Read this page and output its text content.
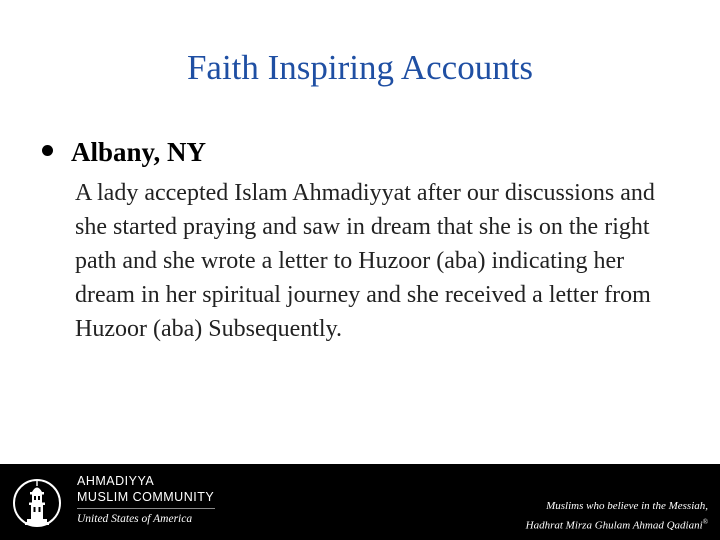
Faith Inspiring Accounts
Albany, NY
A lady accepted Islam Ahmadiyyat after our discussions and she started praying and saw in dream that she is on the right path and she wrote a letter to Huzoor (aba) indicating her dream in her spiritual journey and she received a letter from Huzoor (aba) Subsequently.
AHMADIYYA
MUSLIM COMMUNITY
United States of America
Muslims who believe in the Messiah,
Hadhrat Mirza Ghulam Ahmad Qadiani®
